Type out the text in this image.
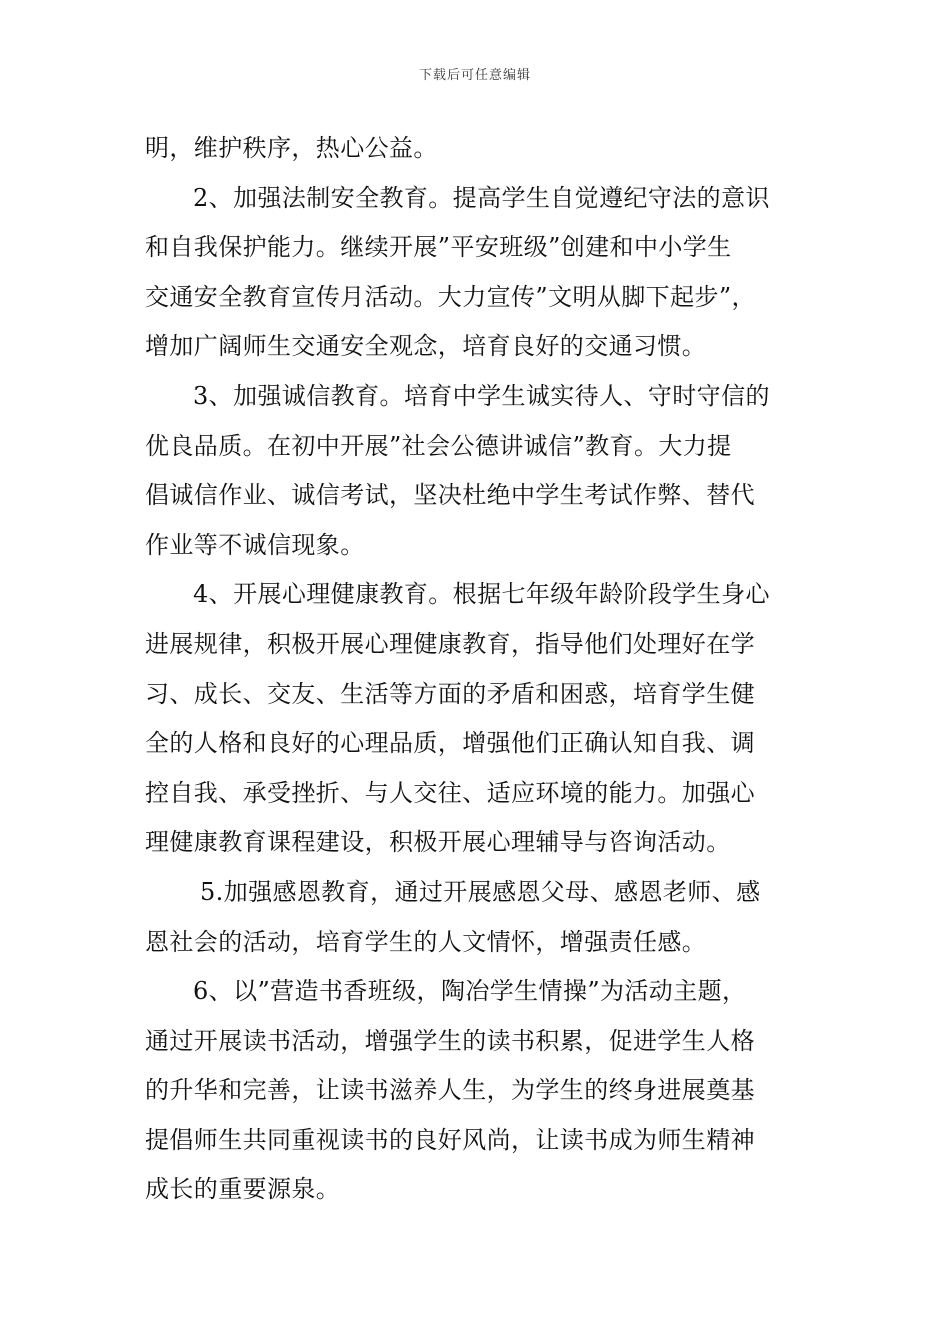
下载后可任意编辑
明，维护秩序，热心公益。
2、加强法制安全教育。提高学生自觉遵纪守法的意识
和自我保护能力。继续开展”平安班级”创建和中小学生
交通安全教育宣传月活动。大力宣传”文明从脚下起步”，
增加广阔师生交通安全观念，培育良好的交通习惯。
3、加强诚信教育。培育中学生诚实待人、守时守信的
优良品质。在初中开展”社会公德讲诚信”教育。大力提
倡诚信作业、诚信考试，坚决杜绝中学生考试作弊、替代
作业等不诚信现象。
4、开展心理健康教育。根据七年级年龄阶段学生身心
进展规律，积极开展心理健康教育，指导他们处理好在学
习、成长、交友、生活等方面的矛盾和困惑，培育学生健
全的人格和良好的心理品质，增强他们正确认知自我、调
控自我、承受挫折、与人交往、适应环境的能力。加强心
理健康教育课程建设，积极开展心理辅导与咨询活动。
5.加强感恩教育，通过开展感恩父母、感恩老师、感
恩社会的活动，培育学生的人文情怀，增强责任感。
6、以”营造书香班级，陶冶学生情操”为活动主题，
通过开展读书活动，增强学生的读书积累，促进学生人格
的升华和完善，让读书滋养人生，为学生的终身进展奠基
提倡师生共同重视读书的良好风尚，让读书成为师生精神
成长的重要源泉。
